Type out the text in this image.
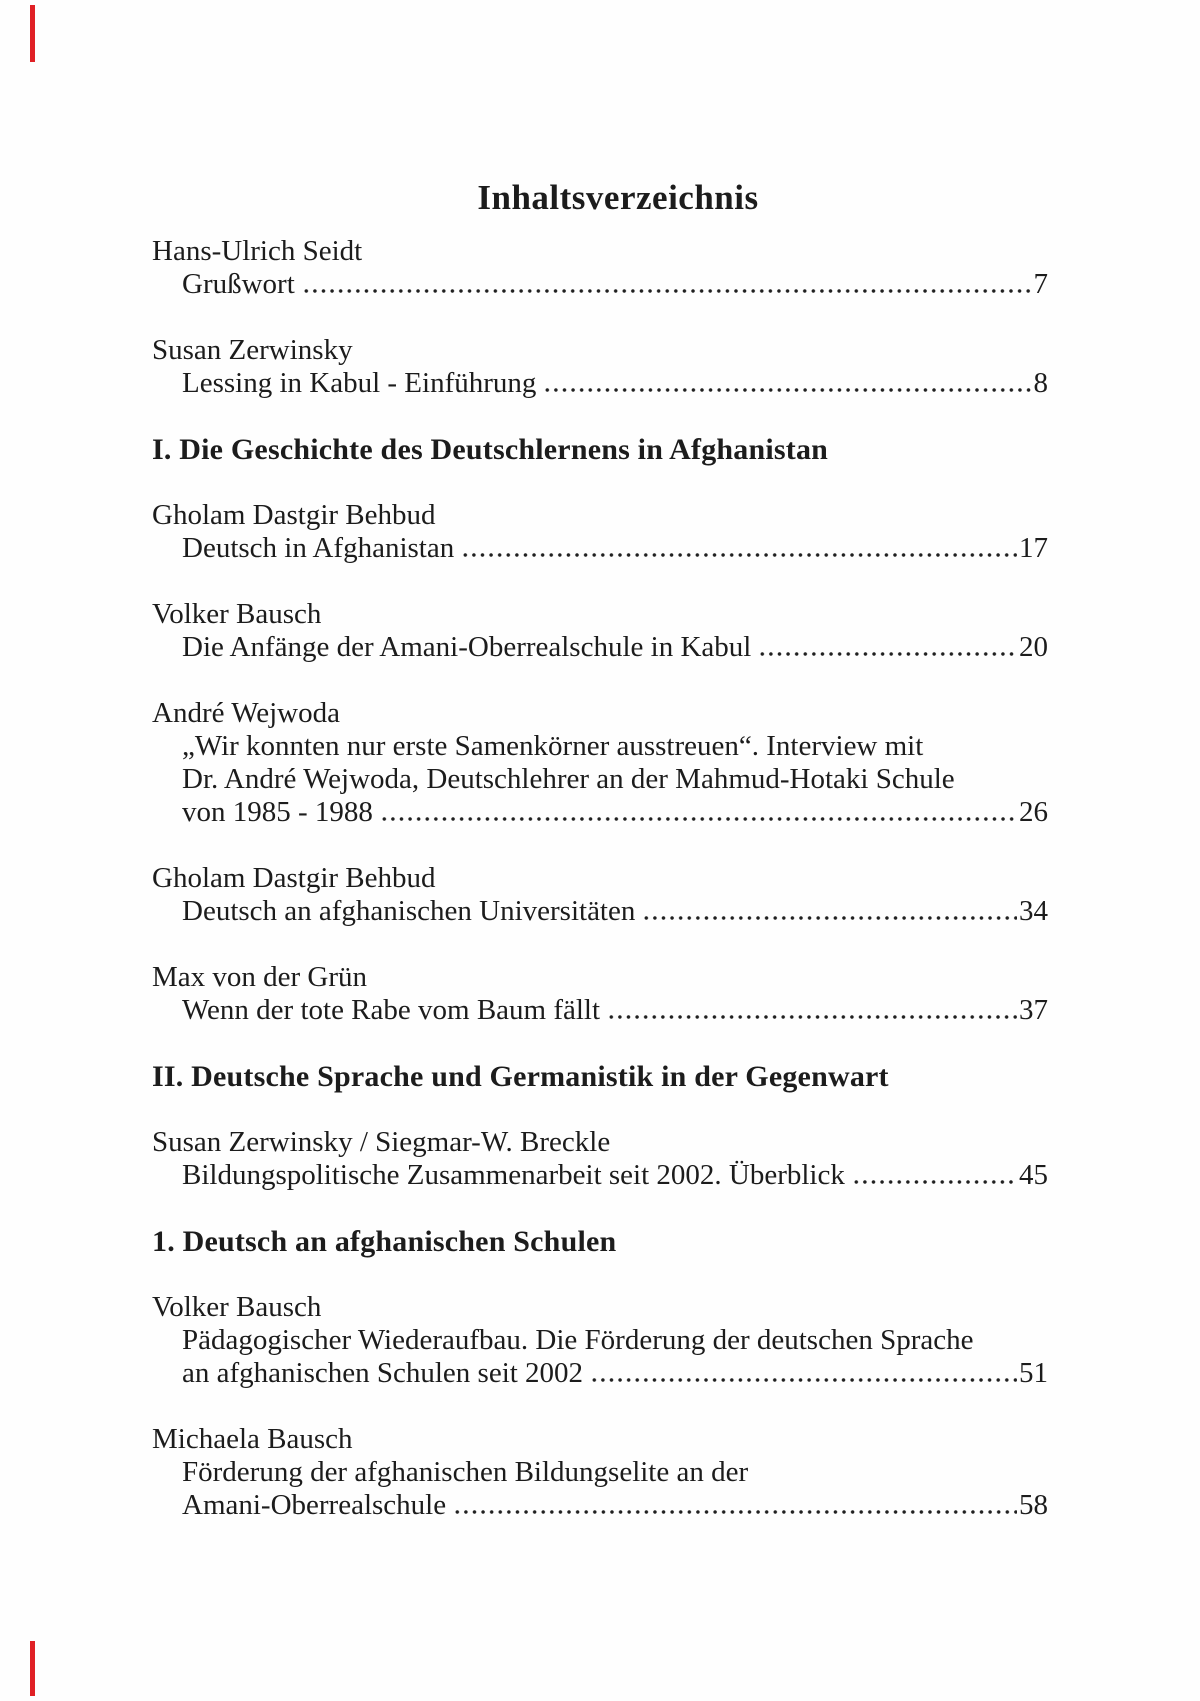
Inhaltsverzeichnis
Hans-Ulrich Seidt
Grußwort	7
Susan Zerwinsky
Lessing in Kabul - Einführung	8
I. Die Geschichte des Deutschlernens in Afghanistan
Gholam Dastgir Behbud
Deutsch in Afghanistan	17
Volker Bausch
Die Anfänge der Amani-Oberrealschule in Kabul	20
André Wejwoda
„Wir konnten nur erste Samenkörner ausstreuen“. Interview mit
Dr. André Wejwoda, Deutschlehrer an der Mahmud-Hotaki Schule
von 1985 - 1988	26
Gholam Dastgir Behbud
Deutsch an afghanischen Universitäten	34
Max von der Grün
Wenn der tote Rabe vom Baum fällt	37
II. Deutsche Sprache und Germanistik in der Gegenwart
Susan Zerwinsky / Siegmar-W. Breckle
Bildungspolitische Zusammenarbeit seit 2002. Überblick	45
1. Deutsch an afghanischen Schulen
Volker Bausch
Pädagogischer Wiederaufbau. Die Förderung der deutschen Sprache
an afghanischen Schulen seit 2002	51
Michaela Bausch
Förderung der afghanischen Bildungselite an der
Amani-Oberrealschule	58
